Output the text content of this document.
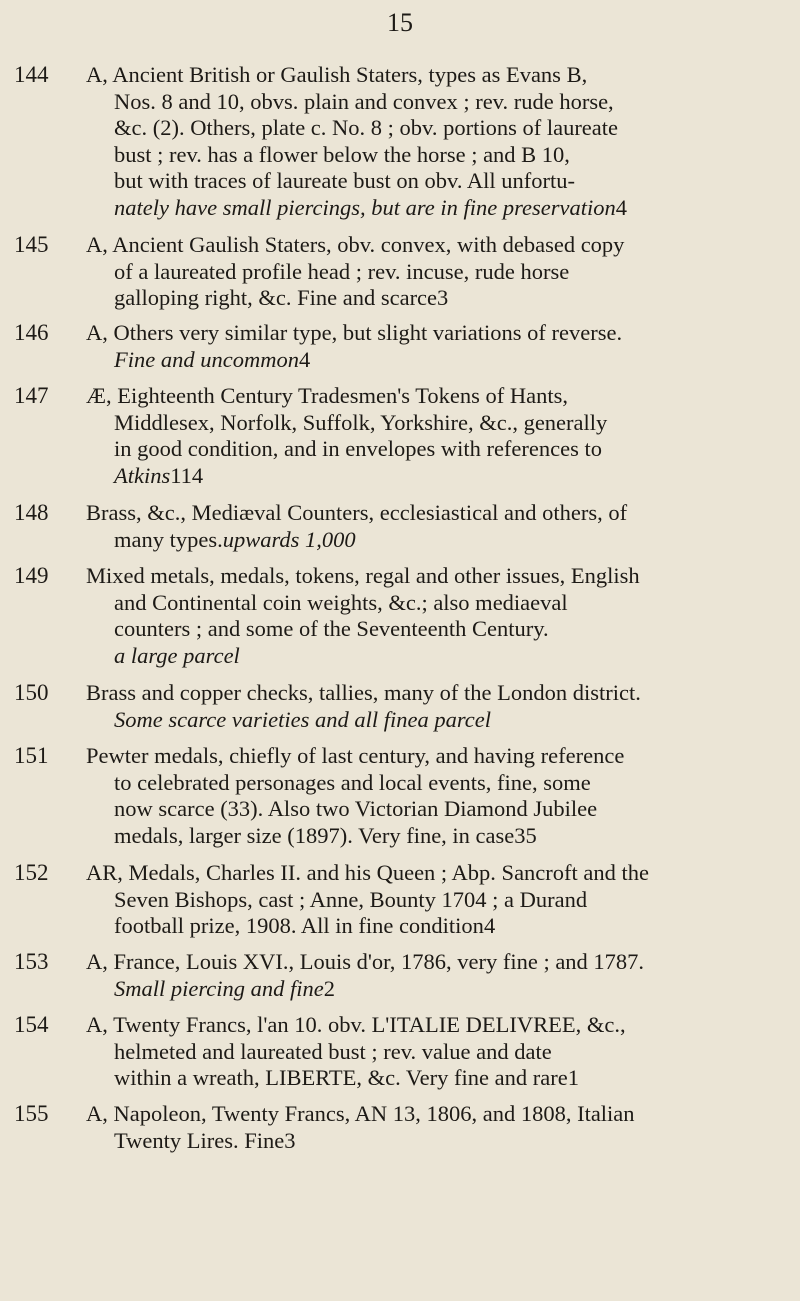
15
144 A, Ancient British or Gaulish Staters, types as Evans B,
Nos. 8 and 10, obvs. plain and convex ; rev. rude horse,
&c. (2). Others, plate c. No. 8 ; obv. portions of laureate
bust ; rev. has a flower below the horse ; and B 10,
but with traces of laureate bust on obv. All unfortu-
nately have small piercings, but are in fine preservation4
145 A, Ancient Gaulish Staters, obv. convex, with debased copy
of a laureated profile head ; rev. incuse, rude horse
galloping right, &c. Fine and scarce3
146 A, Others very similar type, but slight variations of reverse.
Fine and uncommon4
147 Æ, Eighteenth Century Tradesmen's Tokens of Hants,
Middlesex, Norfolk, Suffolk, Yorkshire, &c., generally
in good condition, and in envelopes with references to
Atkins114
148 Brass, &c., Mediæval Counters, ecclesiastical and others, of
many types.upwards 1,000
149 Mixed metals, medals, tokens, regal and other issues, English
and Continental coin weights, &c.; also mediaeval
counters ; and some of the Seventeenth Century.
a large parcel
150 Brass and copper checks, tallies, many of the London district.
Some scarce varieties and all finea parcel
151 Pewter medals, chiefly of last century, and having reference
to celebrated personages and local events, fine, some
now scarce (33). Also two Victorian Diamond Jubilee
medals, larger size (1897). Very fine, in case35
152 AR, Medals, Charles II. and his Queen ; Abp. Sancroft and the
Seven Bishops, cast ; Anne, Bounty 1704 ; a Durand
football prize, 1908. All in fine condition4
153 A, France, Louis XVI., Louis d'or, 1786, very fine ; and 1787.
Small piercing and fine2
154 A, Twenty Francs, l'an 10. obv. L'ITALIE DELIVREE, &c.,
helmeted and laureated bust ; rev. value and date
within a wreath, LIBERTE, &c. Very fine and rare1
155 A, Napoleon, Twenty Francs, AN 13, 1806, and 1808, Italian
Twenty Lires. Fine3
